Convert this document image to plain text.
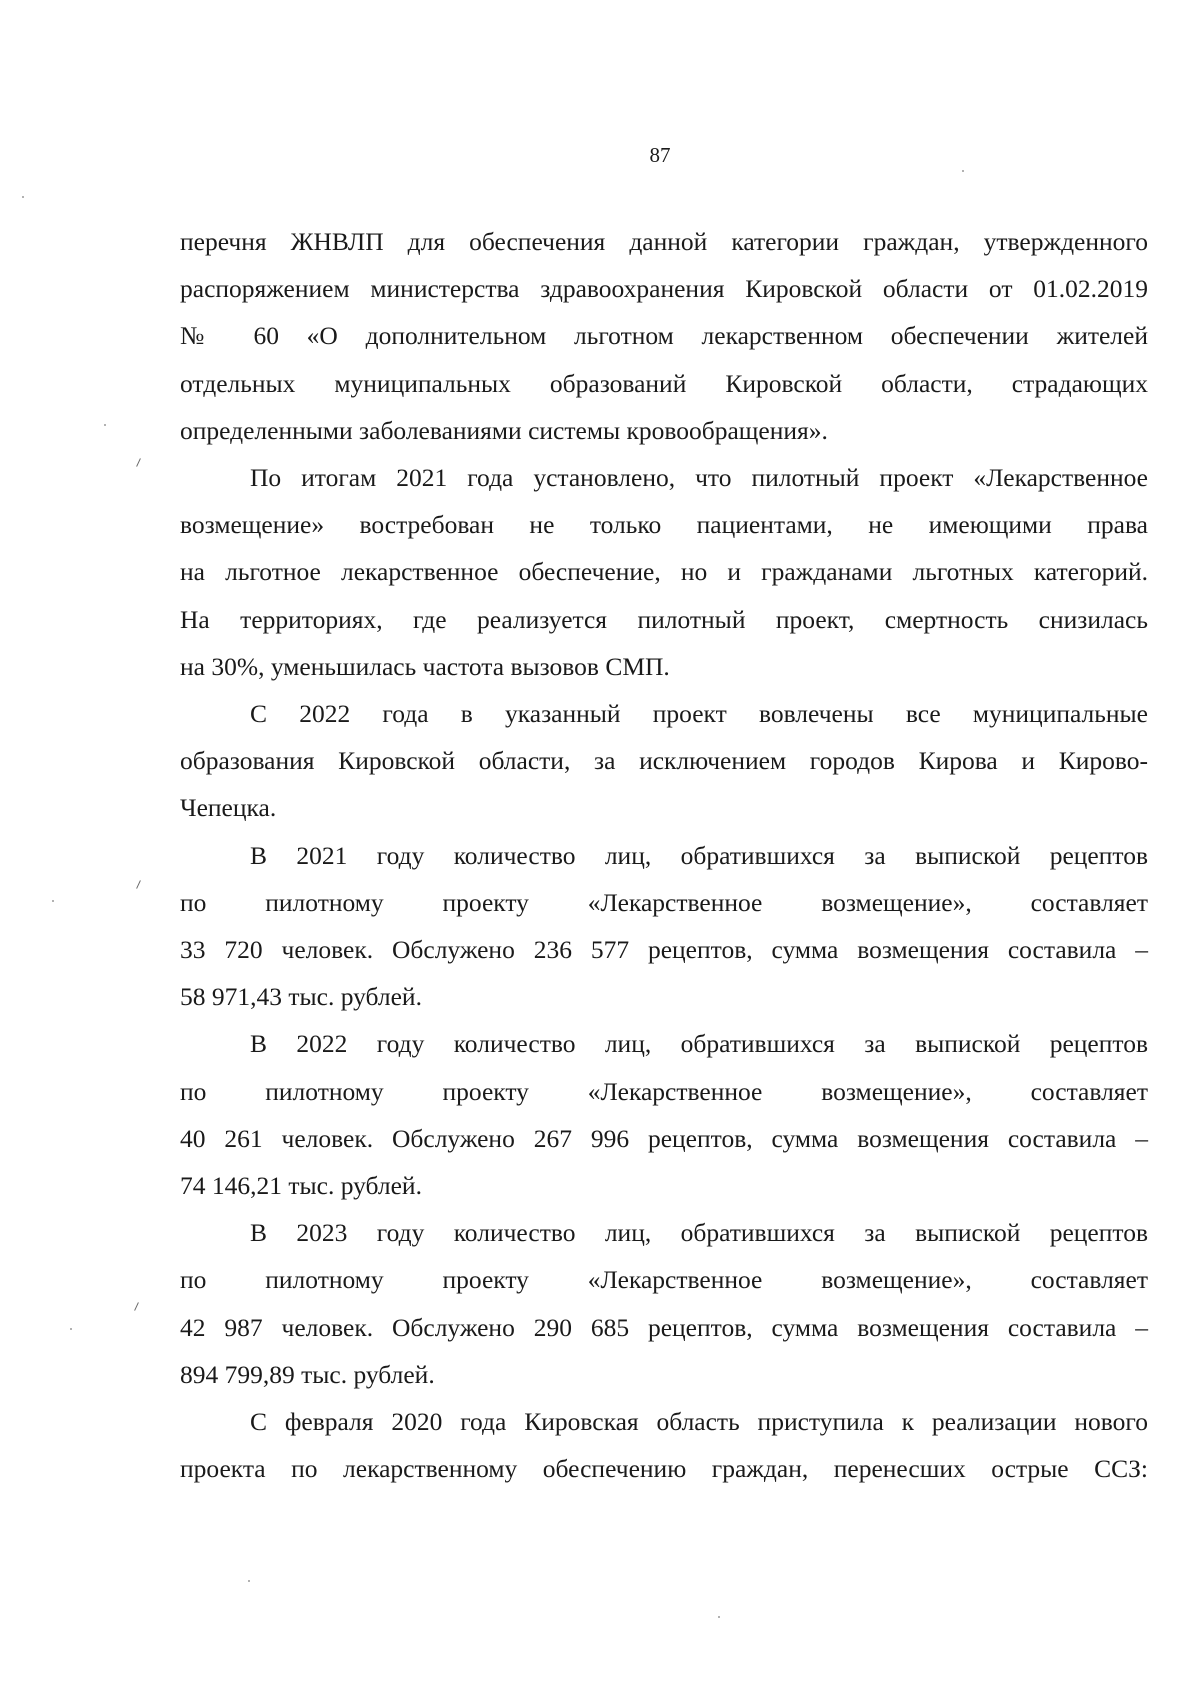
87

перечня ЖНВЛП для обеспечения данной категории граждан, утвержденного
распоряжением министерства здравоохранения Кировской области от 01.02.2019
№ 60 «О дополнительном льготном лекарственном обеспечении жителей
отдельных муниципальных образований Кировской области, страдающих
определенными заболеваниями системы кровообращения».

По итогам 2021 года установлено, что пилотный проект «Лекарственное
возмещение» востребован не только пациентами, не имеющими права
на льготное лекарственное обеспечение, но и гражданами льготных категорий.
На территориях, где реализуется пилотный проект, смертность снизилась
на 30%, уменьшилась частота вызовов СМП.

С 2022 года в указанный проект вовлечены все муниципальные
образования Кировской области, за исключением городов Кирова и Кирово-
Чепецка.

В 2021 году количество лиц, обратившихся за выпиской рецептов
по пилотному проекту «Лекарственное возмещение», составляет
33 720 человек. Обслужено 236 577 рецептов, сумма возмещения составила –
58 971,43 тыс. рублей.

В 2022 году количество лиц, обратившихся за выпиской рецептов
по пилотному проекту «Лекарственное возмещение», составляет
40 261 человек. Обслужено 267 996 рецептов, сумма возмещения составила –
74 146,21 тыс. рублей.

В 2023 году количество лиц, обратившихся за выпиской рецептов
по пилотному проекту «Лекарственное возмещение», составляет
42 987 человек. Обслужено 290 685 рецептов, сумма возмещения составила –
894 799,89 тыс. рублей.

С февраля 2020 года Кировская область приступила к реализации нового
проекта по лекарственному обеспечению граждан, перенесших острые ССЗ:
